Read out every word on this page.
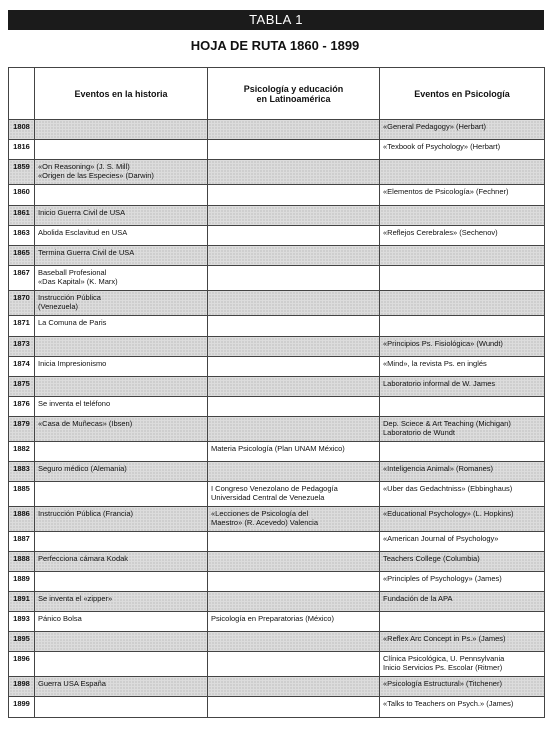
TABLA 1
HOJA DE RUTA 1860 - 1899
	Eventos en la historia	Psicología y educación
en Latinoamérica	Eventos en Psicología
1808			«General Pedagogy» (Herbart)
1816			«Texbook of Psychology» (Herbart)
1859	«On Reasoning» (J. S. Mill)
«Origen de las Especies» (Darwin)		
1860			«Elementos de Psicología» (Fechner)
1861	Inicio Guerra Civil de USA		
1863	Abolida Esclavitud en USA		«Reflejos Cerebrales» (Sechenov)
1865	Termina Guerra Civil de USA		
1867	Baseball Profesional
«Das Kapital» (K. Marx)		
1870	Instrucción Pública
(Venezuela)		
1871	La Comuna de Paris		
1873			«Principios Ps. Fisiológica» (Wundt)
1874	Inicia Impresionismo		«Mind», la revista Ps. en inglés
1875			Laboratorio informal de W. James
1876	Se inventa el teléfono		
1879	«Casa de Muñecas» (Ibsen)		Dep. Sciece & Art Teaching (Michigan)
Laboratorio de Wundt
1882		Materia Psicología (Plan UNAM México)	
1883	Seguro médico (Alemania)		«Inteligencia Animal» (Romanes)
1885		I Congreso Venezolano de Pedagogía
Universidad Central de Venezuela	«Uber das Gedachtniss» (Ebbinghaus)
1886	Instrucción Pública (Francia)	«Lecciones de Psicología del
Maestro» (R. Acevedo) Valencia	«Educational Psychology» (L. Hopkins)
1887			«American Journal of Psychology»
1888	Perfecciona cámara Kodak		Teachers College (Columbia)
1889			«Principles of Psychology» (James)
1891	Se inventa el «zipper»		Fundación de la APA
1893	Pánico Bolsa	Psicología en Preparatorias (México)	
1895			«Reflex Arc Concept in Ps.» (James)
1896			Clínica Psicológica, U. Pennsylvania
Inicio Servicios Ps. Escolar (Ritmer)
1898	Guerra USA España		«Psicología Estructural» (Titchener)
1899			«Talks to Teachers on Psych.» (James)
